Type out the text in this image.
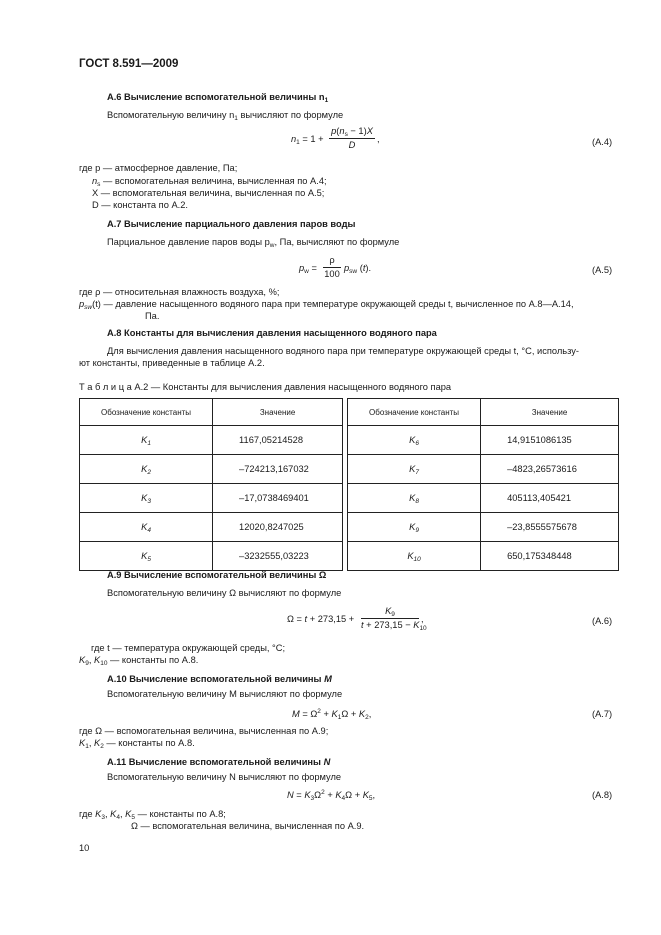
ГОСТ 8.591—2009
А.6 Вычисление вспомогательной величины $n_1$
Вспомогательную величину $n_1$ вычисляют по формуле
$n_1 = 1$ +
$p(n_s - 1)X$
D
,	(А.4)
где p — атмосферное давление, Па;
$n_s$ — вспомогательная величина, вычисленная по А.4;
X — вспомогательная величина, вычисленная по А.5;
D — константа по А.2.
А.7 Вычисление парциального давления паров воды
Парциальное давление паров воды $p_w$, Па, вычисляют по формуле
$p_w$ =
ρ
100
$p_{sw}$ (t).	(А.5)
где ρ — относительная влажность воздуха, %;
$p_{sw}(t)$ — давление насыщенного водяного пара при температуре окружающей среды t, вычисленное по А.8—А.14,
Па.
А.8 Константы для вычисления давления насыщенного водяного пара
Для вычисления давления насыщенного водяного пара при температуре окружающей среды t, °С, использу-
ют константы, приведенные в таблице А.2.
Т а б л и ц а А.2 — Константы для вычисления давления насыщенного водяного пара
Обозначение константы	Значение		Обозначение константы	Значение
$K_1$	1167,05214528		$K_6$	14,9151086135
$K_2$	–724213,167032		$K_7$	–4823,26573616
$K_3$	–17,0738469401		$K_8$	405113,405421
$K_4$	12020,8247025		$K_9$	–23,8555575678
$K_5$	–3232555,03223		$K_{10}$	650,175348448
А.9 Вычисление вспомогательной величины Ω
Вспомогательную величину Ω вычисляют по формуле
Ω = t + 273,15 +
$K_9$
$t + 273,15 - K_{10}$
,	(А.6)
где t — температура окружающей среды, °С;
$K_9$, $K_{10}$ — константы по А.8.
А.10 Вычисление вспомогательной величины M
Вспомогательную величину M вычисляют по формуле
$M = \Omega^2 + K_1\Omega + K_2$,	(А.7)
где Ω — вспомогательная величина, вычисленная по А.9;
$K_1$, $K_2$ — константы по А.8.
А.11 Вычисление вспомогательной величины N
Вспомогательную величину N вычисляют по формуле
$N = K_3\Omega^2 + K_4\Omega + K_5$,	(А.8)
где $K_3$, $K_4$, $K_5$ — константы по А.8;
Ω — вспомогательная величина, вычисленная по А.9.
10
